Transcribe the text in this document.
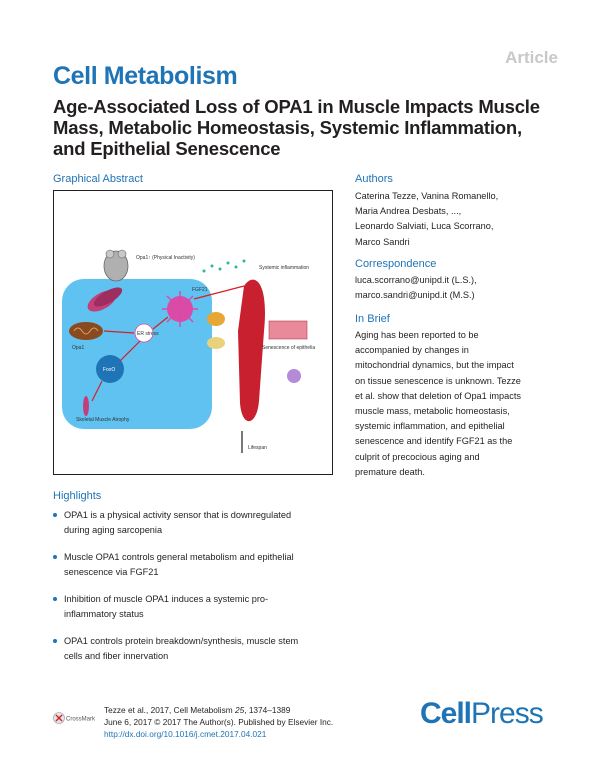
Article
Cell Metabolism
Age-Associated Loss of OPA1 in Muscle Impacts Muscle Mass, Metabolic Homeostasis, Systemic Inflammation, and Epithelial Senescence
Graphical Abstract
Opa1↑ (Physical Inactivity)
Opa1
ER stress
FGF21
FoxO
Skeletal Muscle Atrophy
Systemic inflammation
Senescence of epithelia
Lifespan
Authors
Caterina Tezze, Vanina Romanello,
Maria Andrea Desbats, ...,
Leonardo Salviati, Luca Scorrano,
Marco Sandri
Correspondence
luca.scorrano@unipd.it (L.S.),
marco.sandri@unipd.it (M.S.)
In Brief
Aging has been reported to be
accompanied by changes in
mitochondrial dynamics, but the impact
on tissue senescence is unknown. Tezze
et al. show that deletion of Opa1 impacts
muscle mass, metabolic homeostasis,
systemic inflammation, and epithelial
senescence and identify FGF21 as the
culprit of precocious aging and
premature death.
Highlights
OPA1 is a physical activity sensor that is downregulated
during aging sarcopenia
Muscle OPA1 controls general metabolism and epithelial
senescence via FGF21
Inhibition of muscle OPA1 induces a systemic pro-
inflammatory status
OPA1 controls protein breakdown/synthesis, muscle stem
cells and fiber innervation
CrossMark
Tezze et al., 2017, Cell Metabolism 25, 1374–1389
June 6, 2017 © 2017 The Author(s). Published by Elsevier Inc.
http://dx.doi.org/10.1016/j.cmet.2017.04.021
CellPress
